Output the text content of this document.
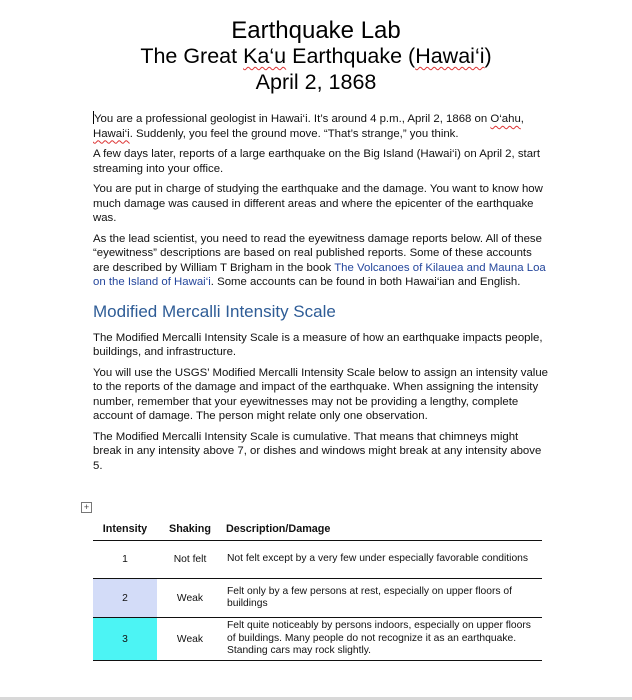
Earthquake Lab
The Great Ka‘u Earthquake (Hawai‘i)
April 2, 1868

You are a professional geologist in Hawai‘i. It’s around 4 p.m., April 2, 1868 on O‘ahu, Hawai‘i. Suddenly, you feel the ground move. “That’s strange,” you think.

A few days later, reports of a large earthquake on the Big Island (Hawai‘i) on April 2, start streaming into your office.

You are put in charge of studying the earthquake and the damage. You want to know how much damage was caused in different areas and where the epicenter of the earthquake was.

As the lead scientist, you need to read the eyewitness damage reports below. All of these “eyewitness” descriptions are based on real published reports. Some of these accounts are described by William T Brigham in the book The Volcanoes of Kilauea and Mauna Loa on the Island of Hawai‘i. Some accounts can be found in both Hawai‘ian and English.

Modified Mercalli Intensity Scale

The Modified Mercalli Intensity Scale is a measure of how an earthquake impacts people, buildings, and infrastructure.

You will use the USGS’ Modified Mercalli Intensity Scale below to assign an intensity value to the reports of the damage and impact of the earthquake. When assigning the intensity number, remember that your eyewitnesses may not be providing a lengthy, complete account of damage. The person might relate only one observation.

The Modified Mercalli Intensity Scale is cumulative. That means that chimneys might break in any intensity above 7, or dishes and windows might break at any intensity above 5.

+
Intensity	Shaking	Description/Damage
1	Not felt	Not felt except by a very few under especially favorable conditions
2	Weak	Felt only by a few persons at rest, especially on upper floors of buildings
3	Weak	Felt quite noticeably by persons indoors, especially on upper floors of buildings. Many people do not recognize it as an earthquake. Standing cars may rock slightly.
